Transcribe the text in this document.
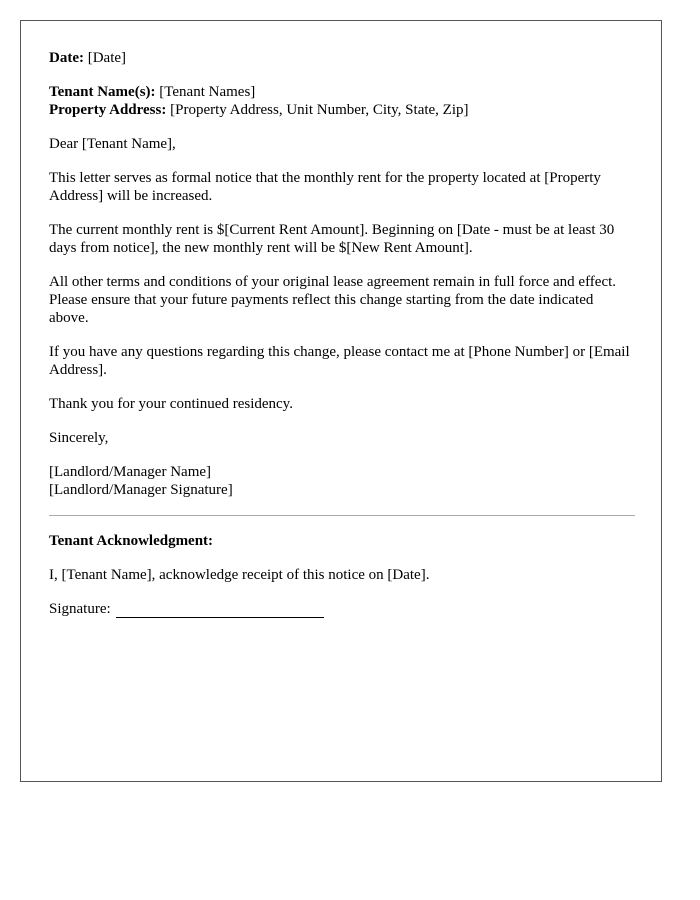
Date: [Date]

Tenant Name(s): [Tenant Names]
Property Address: [Property Address, Unit Number, City, State, Zip]

Dear [Tenant Name],

This letter serves as formal notice that the monthly rent for the property located at [Property Address] will be increased.

The current monthly rent is $[Current Rent Amount]. Beginning on [Date - must be at least 30 days from notice], the new monthly rent will be $[New Rent Amount].

All other terms and conditions of your original lease agreement remain in full force and effect. Please ensure that your future payments reflect this change starting from the date indicated above.

If you have any questions regarding this change, please contact me at [Phone Number] or [Email Address].

Thank you for your continued residency.

Sincerely,

[Landlord/Manager Name]
[Landlord/Manager Signature]

Tenant Acknowledgment:

I, [Tenant Name], acknowledge receipt of this notice on [Date].

Signature:
